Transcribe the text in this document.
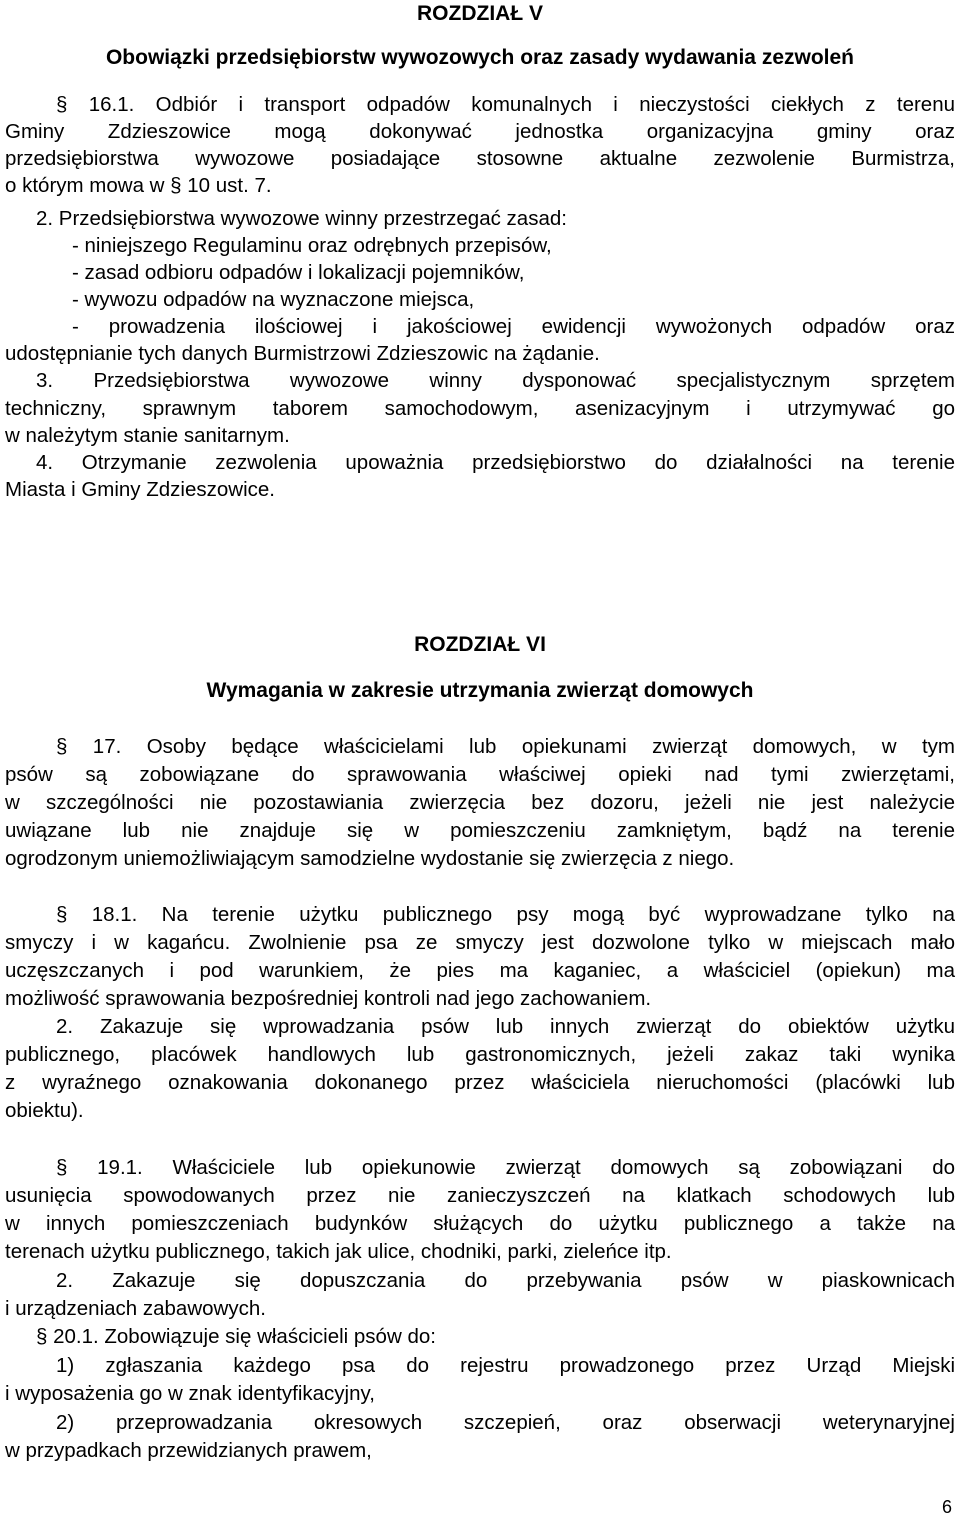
ROZDZIAŁ V
Obowiązki przedsiębiorstw wywozowych oraz zasady wydawania zezwoleń
§ 16.1. Odbiór i transport odpadów komunalnych i nieczystości ciekłych z terenu
Gminy Zdzieszowice mogą dokonywać jednostka organizacyjna gminy oraz
przedsiębiorstwa wywozowe posiadające stosowne aktualne zezwolenie Burmistrza,
o którym mowa w § 10 ust. 7.
2. Przedsiębiorstwa wywozowe winny przestrzegać zasad:
- niniejszego Regulaminu oraz odrębnych przepisów,
- zasad odbioru odpadów i lokalizacji pojemników,
- wywozu odpadów na wyznaczone miejsca,
- prowadzenia ilościowej i jakościowej ewidencji wywożonych odpadów oraz
udostępnianie tych danych Burmistrzowi Zdzieszowic na żądanie.
3. Przedsiębiorstwa wywozowe winny dysponować specjalistycznym sprzętem
techniczny, sprawnym taborem samochodowym, asenizacyjnym i utrzymywać go
w należytym stanie sanitarnym.
4. Otrzymanie zezwolenia upoważnia przedsiębiorstwo do działalności na terenie
Miasta i Gminy Zdzieszowice.
ROZDZIAŁ VI
Wymagania w zakresie utrzymania zwierząt domowych
§ 17. Osoby będące właścicielami lub opiekunami zwierząt domowych, w tym
psów są zobowiązane do sprawowania właściwej opieki nad tymi zwierzętami,
w szczególności nie pozostawiania zwierzęcia bez dozoru, jeżeli nie jest należycie
uwiązane lub nie znajduje się w pomieszczeniu zamkniętym, bądź na terenie
ogrodzonym uniemożliwiającym samodzielne wydostanie się zwierzęcia z niego.
§ 18.1. Na terenie użytku publicznego psy mogą być wyprowadzane tylko na
smyczy i w kagańcu. Zwolnienie psa ze smyczy jest dozwolone tylko w miejscach mało
uczęszczanych i pod warunkiem, że pies ma kaganiec, a właściciel (opiekun) ma
możliwość sprawowania bezpośredniej kontroli nad jego zachowaniem.
2. Zakazuje się wprowadzania psów lub innych zwierząt do obiektów użytku
publicznego, placówek handlowych lub gastronomicznych, jeżeli zakaz taki wynika
z wyraźnego oznakowania dokonanego przez właściciela nieruchomości (placówki lub
obiektu).
§ 19.1. Właściciele lub opiekunowie zwierząt domowych są zobowiązani do
usunięcia spowodowanych przez nie zanieczyszczeń na klatkach schodowych lub
w innych pomieszczeniach budynków służących do użytku publicznego a także na
terenach użytku publicznego, takich jak ulice, chodniki, parki, zieleńce itp.
2. Zakazuje się dopuszczania do przebywania psów w piaskownicach
i urządzeniach zabawowych.
§ 20.1. Zobowiązuje się właścicieli psów do:
1) zgłaszania każdego psa do rejestru prowadzonego przez Urząd Miejski
i wyposażenia go w znak identyfikacyjny,
2) przeprowadzania okresowych szczepień, oraz obserwacji weterynaryjnej
w przypadkach przewidzianych prawem,
6
